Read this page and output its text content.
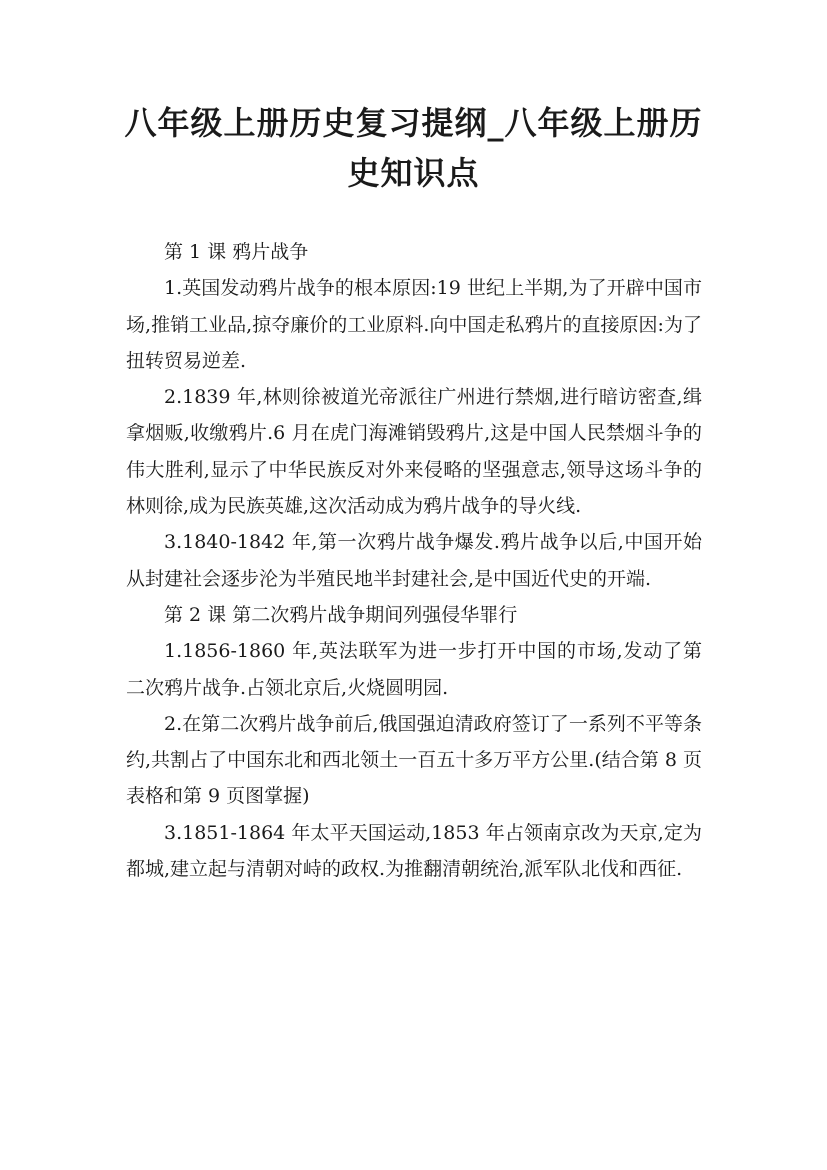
八年级上册历史复习提纲_八年级上册历史知识点

第 1 课 鸦片战争

1.英国发动鸦片战争的根本原因:19 世纪上半期,为了开辟中国市场,推销工业品,掠夺廉价的工业原料.向中国走私鸦片的直接原因:为了扭转贸易逆差.

2.1839 年,林则徐被道光帝派往广州进行禁烟,进行暗访密查,缉拿烟贩,收缴鸦片.6 月在虎门海滩销毁鸦片,这是中国人民禁烟斗争的伟大胜利,显示了中华民族反对外来侵略的坚强意志,领导这场斗争的林则徐,成为民族英雄,这次活动成为鸦片战争的导火线.

3.1840-1842 年,第一次鸦片战争爆发.鸦片战争以后,中国开始从封建社会逐步沦为半殖民地半封建社会,是中国近代史的开端.

第 2 课 第二次鸦片战争期间列强侵华罪行

1.1856-1860 年,英法联军为进一步打开中国的市场,发动了第二次鸦片战争.占领北京后,火烧圆明园.

2.在第二次鸦片战争前后,俄国强迫清政府签订了一系列不平等条约,共割占了中国东北和西北领土一百五十多万平方公里.(结合第 8 页表格和第 9 页图掌握)

3.1851-1864 年太平天国运动,1853 年占领南京改为天京,定为都城,建立起与清朝对峙的政权.为推翻清朝统治,派军队北伐和西征.
